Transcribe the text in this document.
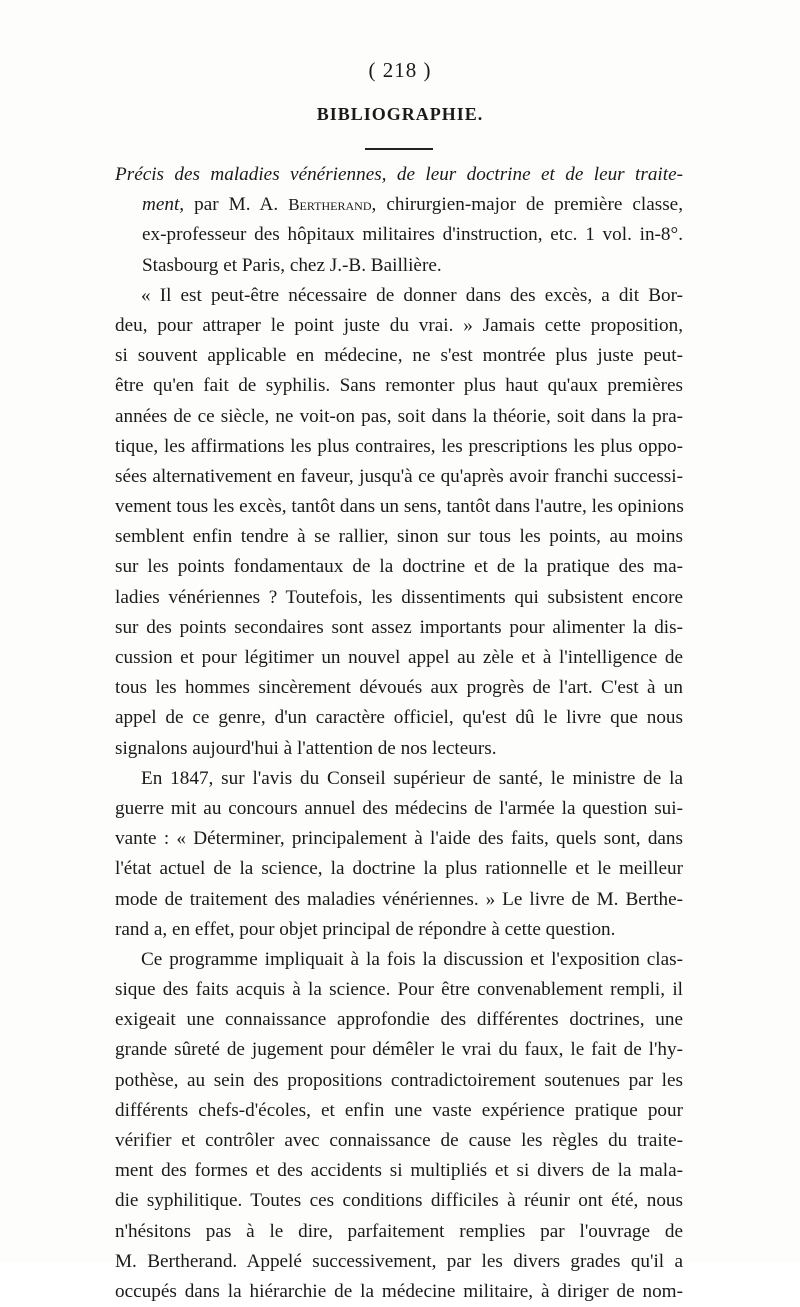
( 218 )
BIBLIOGRAPHIE.
Précis des maladies vénériennes, de leur doctrine et de leur traite-
ment, par M. A. Bertherand, chirurgien-major de première classe,
ex-professeur des hôpitaux militaires d'instruction, etc. 1 vol. in-8°.
Stasbourg et Paris, chez J.-B. Baillière.
« Il est peut-être nécessaire de donner dans des excès, a dit Bor-
deu, pour attraper le point juste du vrai. » Jamais cette proposition,
si souvent applicable en médecine, ne s'est montrée plus juste peut-
être qu'en fait de syphilis. Sans remonter plus haut qu'aux premières
années de ce siècle, ne voit-on pas, soit dans la théorie, soit dans la pra-
tique, les affirmations les plus contraires, les prescriptions les plus oppo-
sées alternativement en faveur, jusqu'à ce qu'après avoir franchi successi-
vement tous les excès, tantôt dans un sens, tantôt dans l'autre, les opinions
semblent enfin tendre à se rallier, sinon sur tous les points, au moins
sur les points fondamentaux de la doctrine et de la pratique des ma-
ladies vénériennes ? Toutefois, les dissentiments qui subsistent encore
sur des points secondaires sont assez importants pour alimenter la dis-
cussion et pour légitimer un nouvel appel au zèle et à l'intelligence de
tous les hommes sincèrement dévoués aux progrès de l'art. C'est à un
appel de ce genre, d'un caractère officiel, qu'est dû le livre que nous
signalons aujourd'hui à l'attention de nos lecteurs.
En 1847, sur l'avis du Conseil supérieur de santé, le ministre de la
guerre mit au concours annuel des médecins de l'armée la question sui-
vante : « Déterminer, principalement à l'aide des faits, quels sont, dans
l'état actuel de la science, la doctrine la plus rationnelle et le meilleur
mode de traitement des maladies vénériennes. » Le livre de M. Berthe-
rand a, en effet, pour objet principal de répondre à cette question.
Ce programme impliquait à la fois la discussion et l'exposition clas-
sique des faits acquis à la science. Pour être convenablement rempli, il
exigeait une connaissance approfondie des différentes doctrines, une
grande sûreté de jugement pour démêler le vrai du faux, le fait de l'hy-
pothèse, au sein des propositions contradictoirement soutenues par les
différents chefs-d'écoles, et enfin une vaste expérience pratique pour
vérifier et contrôler avec connaissance de cause les règles du traite-
ment des formes et des accidents si multipliés et si divers de la mala-
die syphilitique. Toutes ces conditions difficiles à réunir ont été, nous
n'hésitons pas à le dire, parfaitement remplies par l'ouvrage de
M. Bertherand. Appelé successivement, par les divers grades qu'il a
occupés dans la hiérarchie de la médecine militaire, à diriger de nom-
